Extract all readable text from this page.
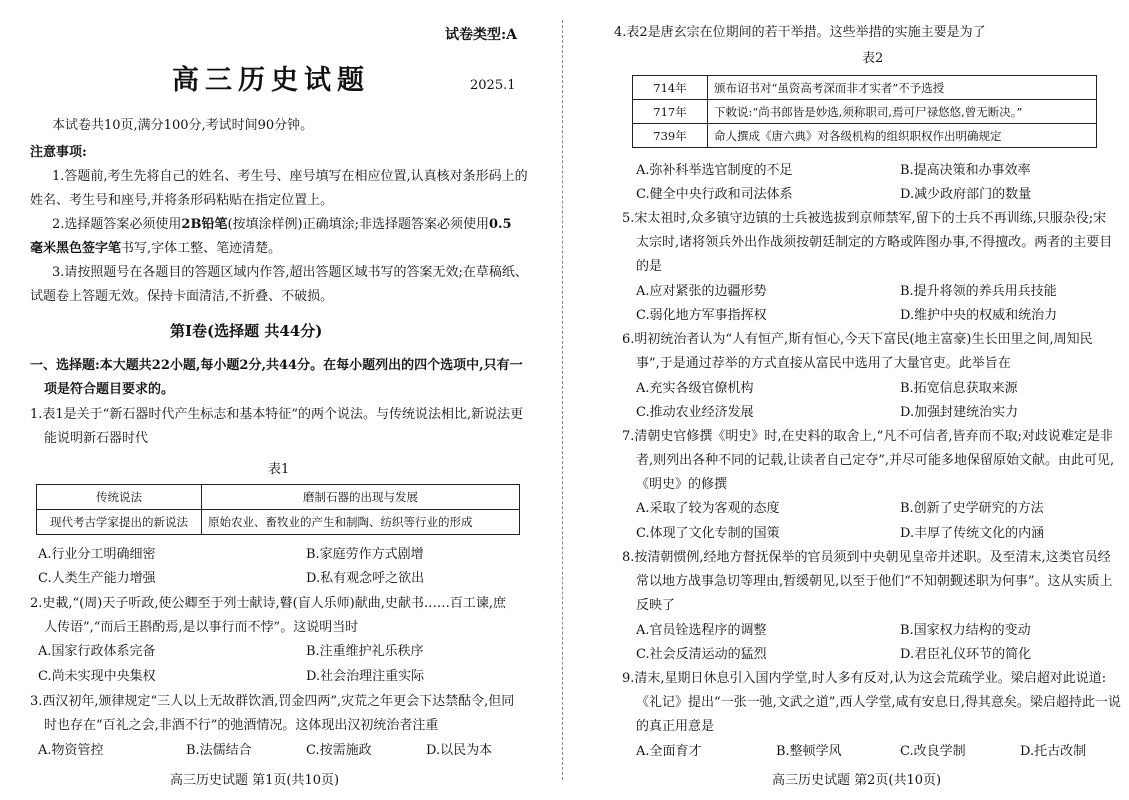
试卷类型:A
高三历史试题	2025.1
本试卷共10页,满分100分,考试时间90分钟。
注意事项:
1.答题前,考生先将自己的姓名、考生号、座号填写在相应位置,认真核对条形码上的
姓名、考生号和座号,并将条形码粘贴在指定位置上。
2.选择题答案必须使用2B铅笔(按填涂样例)正确填涂;非选择题答案必须使用0.5
毫米黑色签字笔书写,字体工整、笔迹清楚。
3.请按照题号在各题目的答题区域内作答,超出答题区域书写的答案无效;在草稿纸、
试题卷上答题无效。保持卡面清洁,不折叠、不破损。
第Ⅰ卷(选择题 共44分)
一、选择题:本大题共22小题,每小题2分,共44分。在每小题列出的四个选项中,只有一
项是符合题目要求的。
1.表1是关于“新石器时代产生标志和基本特征”的两个说法。与传统说法相比,新说法更
能说明新石器时代
表1
传统说法	磨制石器的出现与发展
现代考古学家提出的新说法	原始农业、畜牧业的产生和制陶、纺织等行业的形成
A.行业分工明确细密	B.家庭劳作方式剧增
C.人类生产能力增强	D.私有观念呼之欲出
2.史載,“(周)天子听政,使公卿至于列士献诗,瞽(盲人乐师)献曲,史献书……百工谏,庶
人传语”,“而后王斟酌焉,是以事行而不悖”。这说明当时
A.国家行政体系完备	B.注重维护礼乐秩序
C.尚未实现中央集权	D.社会治理注重实际
3.西汉初年,颁律规定“三人以上无故群饮酒,罚金四两”,灾荒之年更会下达禁酤令,但同
时也存在“百礼之会,非酒不行”的弛酒情况。这体现出汉初统治者注重
A.物资管控	B.法儒结合	C.按需施政	D.以民为本
高三历史试题 第1页(共10页)
4.表2是唐玄宗在位期间的若干举措。这些举措的实施主要是为了
表2
714年	颁布诏书对“虽资高考深而非才实者”不予选授
717年	下敕说:“尚书郎皆是妙选,须称职司,焉可尸禄悠悠,曾无断决。”
739年	命人撰成《唐六典》对各级机构的组织职权作出明确规定
A.弥补科举选官制度的不足	B.提高决策和办事效率
C.健全中央行政和司法体系	D.减少政府部门的数量
5.宋太祖时,众多镇守边镇的士兵被选拔到京师禁军,留下的士兵不再训练,只服杂役;宋
太宗时,诸将领兵外出作战须按朝廷制定的方略或阵图办事,不得擅改。两者的主要目
的是
A.应对紧张的边疆形势	B.提升将领的养兵用兵技能
C.弱化地方军事指挥权	D.维护中央的权威和统治力
6.明初统治者认为“人有恒产,斯有恒心,今天下富民(地主富豪)生长田里之间,周知民
事”,于是通过荐举的方式直接从富民中选用了大量官吏。此举旨在
A.充实各级官僚机构	B.拓宽信息获取来源
C.推动农业经济发展	D.加强封建统治实力
7.清朝史官修撰《明史》时,在史料的取舍上,“凡不可信者,皆弃而不取;对歧说难定是非
者,则列出各种不同的记载,让读者自己定夺”,并尽可能多地保留原始文献。由此可见,
《明史》的修撰
A.采取了较为客观的态度	B.创新了史学研究的方法
C.体现了文化专制的国策	D.丰厚了传统文化的内涵
8.按清朝惯例,经地方督抚保举的官员须到中央朝见皇帝并述职。及至清末,这类官员经
常以地方战事急切等理由,暂缓朝见,以至于他们“不知朝觐述职为何事”。这从实质上
反映了
A.官员铨选程序的调整	B.国家权力结构的变动
C.社会反清运动的猛烈	D.君臣礼仪环节的简化
9.清末,星期日休息引入国内学堂,时人多有反对,认为这会荒疏学业。梁启超对此说道:
《礼记》提出“一张一弛,文武之道”,西人学堂,咸有安息日,得其意矣。梁启超持此一说
的真正用意是
A.全面育才	B.整顿学风	C.改良学制	D.托古改制
高三历史试题 第2页(共10页)
